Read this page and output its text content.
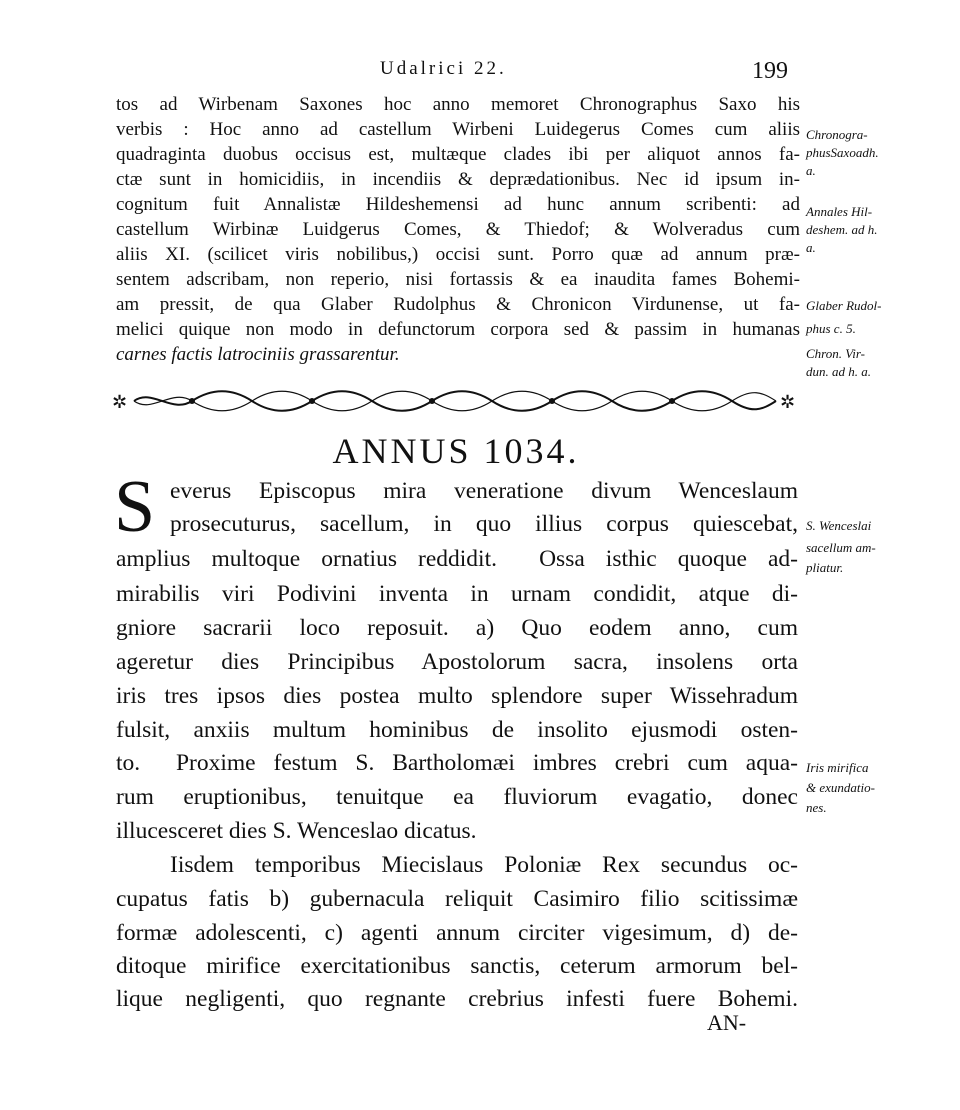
Udalrici 22.	199
tos ad Wirbenam Saxones hoc anno memoret Chronographus Saxo his
verbis : Hoc anno ad castellum Wirbeni Luidegerus Comes cum aliis
quadraginta duobus occisus est, multæque clades ibi per aliquot annos fa-
ctæ sunt in homicidiis, in incendiis & deprædationibus. Nec id ipsum in-
cognitum fuit Annalistæ Hildeshemensi ad hunc annum scribenti: ad
castellum Wirbinæ Luidgerus Comes, & Thiedof; & Wolveradus cum
aliis XI. (scilicet viris nobilibus,) occisi sunt. Porro quæ ad annum præ-
sentem adscribam, non reperio, nisi fortassis & ea inaudita fames Bohemi-
am pressit, de qua Glaber Rudolphus & Chronicon Virdunense, ut fa-
melici quique non modo in defunctorum corpora sed & passim in humanas
carnes factis latrociniis grassarentur.
Chronogra-
phusSaxoadh.
a.
Annales Hil-
deshem. ad h.
a.
Glaber Rudol-
phus c. 5.
Chron. Vir-
dun. ad h. a.
✲	✲
ANNUS 1034.
S everus Episcopus mira veneratione divum Wenceslaum
prosecuturus, sacellum, in quo illius corpus quiescebat,
amplius multoque ornatius reddidit.  Ossa isthic quoque ad-
mirabilis viri Podivini inventa in urnam condidit, atque di-
gniore sacrarii loco reposuit. a) Quo eodem anno, cum
ageretur dies Principibus Apostolorum sacra, insolens orta
iris tres ipsos dies postea multo splendore super Wissehradum
fulsit, anxiis multum hominibus de insolito ejusmodi osten-
to.  Proxime festum S. Bartholomæi imbres crebri cum aqua-
rum eruptionibus, tenuitque ea fluviorum evagatio, donec
illucesceret dies S. Wenceslao dicatus.
Iisdem temporibus Miecislaus Poloniæ Rex secundus oc-
cupatus fatis b) gubernacula reliquit Casimiro filio scitissimæ
formæ adolescenti, c) agenti annum circiter vigesimum, d) de-
ditoque mirifice exercitationibus sanctis, ceterum armorum bel-
lique negligenti, quo regnante crebrius infesti fuere Bohemi.
S. Wenceslai
sacellum am-
pliatur.
Iris mirifica
& exundatio-
nes.
AN-
